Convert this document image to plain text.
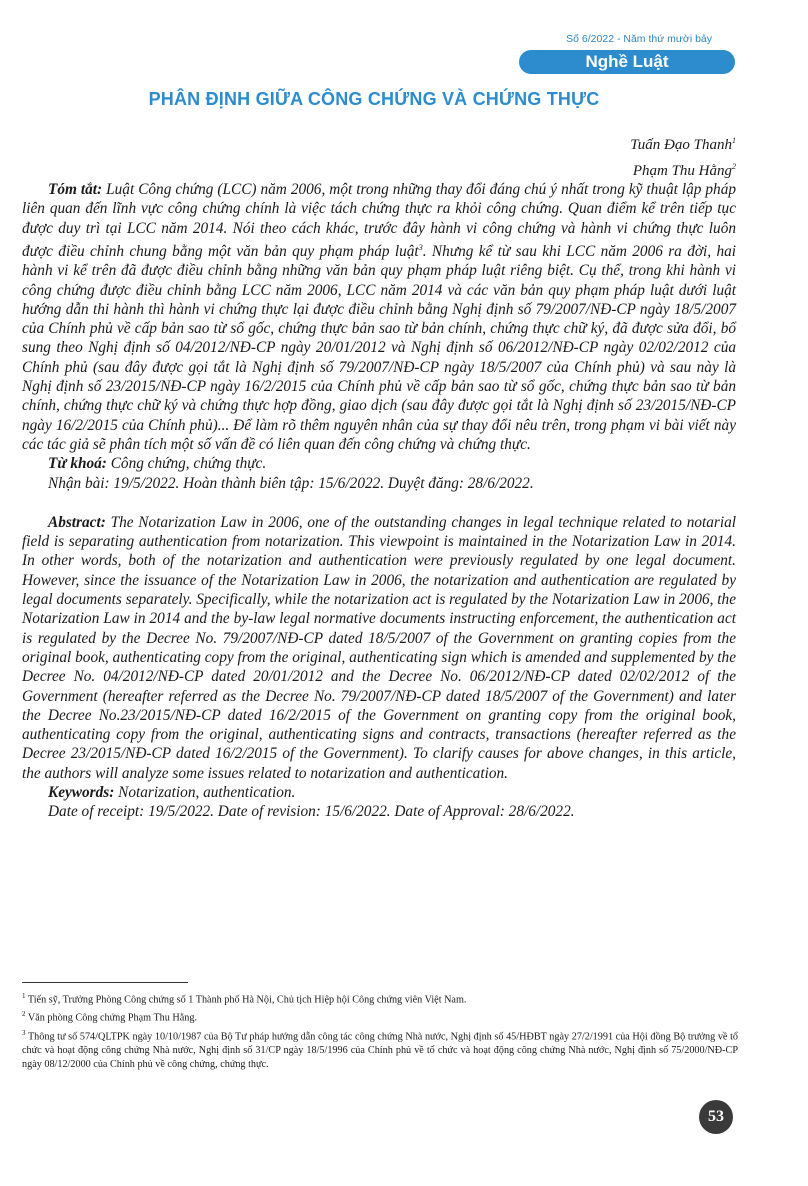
Số 6/2022 - Năm thứ mười bảy
Nghề Luật
PHÂN ĐỊNH GIỮA CÔNG CHỨNG VÀ CHỨNG THỰC
Tuấn Đạo Thanh$^1$
Phạm Thu Hằng$^2$

Tóm tắt: Luật Công chứng (LCC) năm 2006, một trong những thay đổi đáng chú ý nhất trong kỹ thuật lập pháp liên quan đến lĩnh vực công chứng chính là việc tách chứng thực ra khỏi công chứng. Quan điểm kể trên tiếp tục được duy trì tại LCC năm 2014. Nói theo cách khác, trước đây hành vi công chứng và hành vi chứng thực luôn được điều chỉnh chung bằng một văn bản quy phạm pháp luật$^3$. Nhưng kể từ sau khi LCC năm 2006 ra đời, hai hành vi kể trên đã được điều chỉnh bằng những văn bản quy phạm pháp luật riêng biệt. Cụ thể, trong khi hành vi công chứng được điều chỉnh bằng LCC năm 2006, LCC năm 2014 và các văn bản quy phạm pháp luật dưới luật hướng dẫn thi hành thì hành vi chứng thực lại được điều chỉnh bằng Nghị định số 79/2007/NĐ-CP ngày 18/5/2007 của Chính phủ về cấp bản sao từ sổ gốc, chứng thực bản sao từ bản chính, chứng thực chữ ký, đã được sửa đổi, bổ sung theo Nghị định số 04/2012/NĐ-CP ngày 20/01/2012 và Nghị định số 06/2012/NĐ-CP ngày 02/02/2012 của Chính phủ (sau đây được gọi tắt là Nghị định số 79/2007/NĐ-CP ngày 18/5/2007 của Chính phủ) và sau này là Nghị định số 23/2015/NĐ-CP ngày 16/2/2015 của Chính phủ về cấp bản sao từ sổ gốc, chứng thực bản sao từ bản chính, chứng thực chữ ký và chứng thực hợp đồng, giao dịch (sau đây được gọi tắt là Nghị định số 23/2015/NĐ-CP ngày 16/2/2015 của Chính phủ)... Để làm rõ thêm nguyên nhân của sự thay đổi nêu trên, trong phạm vi bài viết này các tác giả sẽ phân tích một số vấn đề có liên quan đến công chứng và chứng thực.

Từ khoá: Công chứng, chứng thực.

Nhận bài: 19/5/2022. Hoàn thành biên tập: 15/6/2022. Duyệt đăng: 28/6/2022.

Abstract: The Notarization Law in 2006, one of the outstanding changes in legal technique related to notarial field is separating authentication from notarization. This viewpoint is maintained in the Notarization Law in 2014. In other words, both of the notarization and authentication were previously regulated by one legal document. However, since the issuance of the Notarization Law in 2006, the notarization and authentication are regulated by legal documents separately. Specifically, while the notarization act is regulated by the Notarization Law in 2006, the Notarization Law in 2014 and the by-law legal normative documents instructing enforcement, the authentication act is regulated by the Decree No. 79/2007/NĐ-CP dated 18/5/2007 of the Government on granting copies from the original book, authenticating copy from the original, authenticating sign which is amended and supplemented by the Decree No. 04/2012/NĐ-CP dated 20/01/2012 and the Decree No. 06/2012/NĐ-CP dated 02/02/2012 of the Government (hereafter referred as the Decree No. 79/2007/NĐ-CP dated 18/5/2007 of the Government) and later the Decree No.23/2015/NĐ-CP dated 16/2/2015 of the Government on granting copy from the original book, authenticating copy from the original, authenticating signs and contracts, transactions (hereafter referred as the Decree 23/2015/NĐ-CP dated 16/2/2015 of the Government). To clarify causes for above changes, in this article, the authors will analyze some issues related to notarization and authentication.

Keywords: Notarization, authentication.

Date of receipt: 19/5/2022. Date of revision: 15/6/2022. Date of Approval: 28/6/2022.

$^1$ Tiến sỹ, Trưởng Phòng Công chứng số 1 Thành phố Hà Nội, Chủ tịch Hiệp hội Công chứng viên Việt Nam.

$^2$ Văn phòng Công chứng Phạm Thu Hằng.

$^3$ Thông tư số 574/QLTPK ngày 10/10/1987 của Bộ Tư pháp hướng dẫn công tác công chứng Nhà nước, Nghị định số 45/HĐBT ngày 27/2/1991 của Hội đồng Bộ trưởng về tổ chức và hoạt động công chứng Nhà nước, Nghị định số 31/CP ngày 18/5/1996 của Chính phủ về tổ chức và hoạt động công chứng Nhà nước, Nghị định số 75/2000/NĐ-CP ngày 08/12/2000 của Chính phủ về công chứng, chứng thực.

53
